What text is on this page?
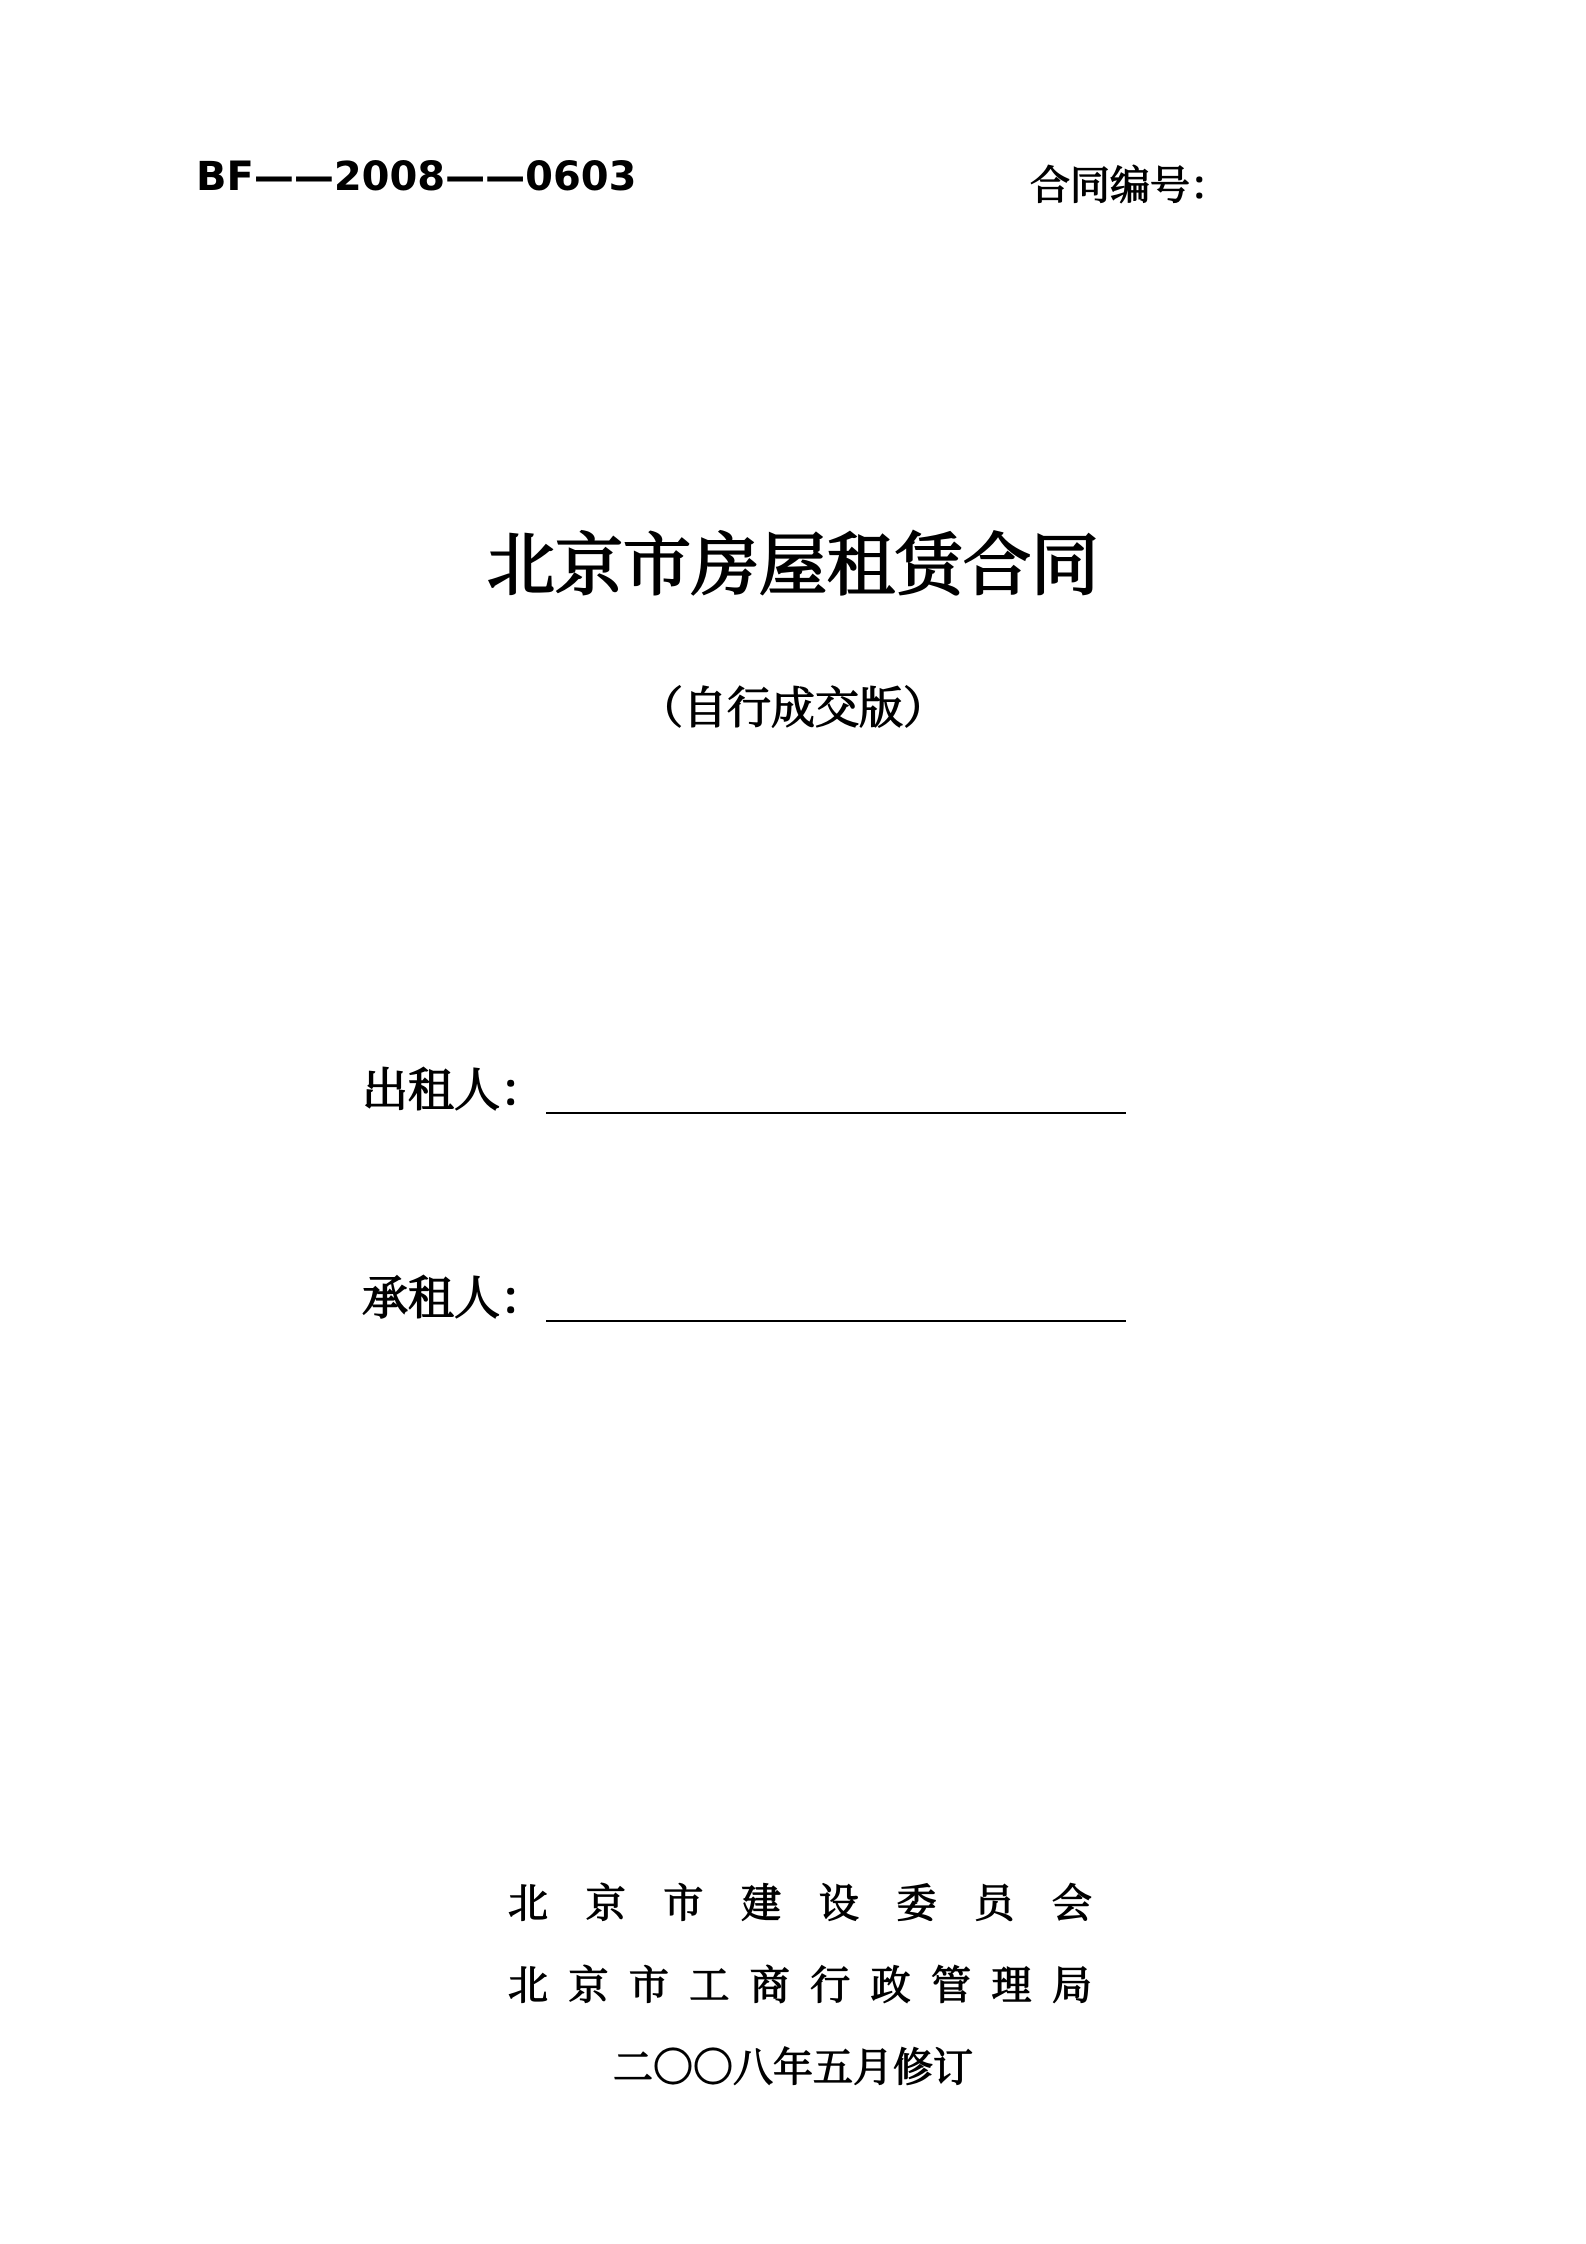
BF——2008——0603	合同编号：
北京市房屋租赁合同
（自行成交版）
出租人：
承租人：
北 京 市 建 设 委 员 会
北 京 市 工 商 行 政 管 理 局
二〇〇八年五月修订
